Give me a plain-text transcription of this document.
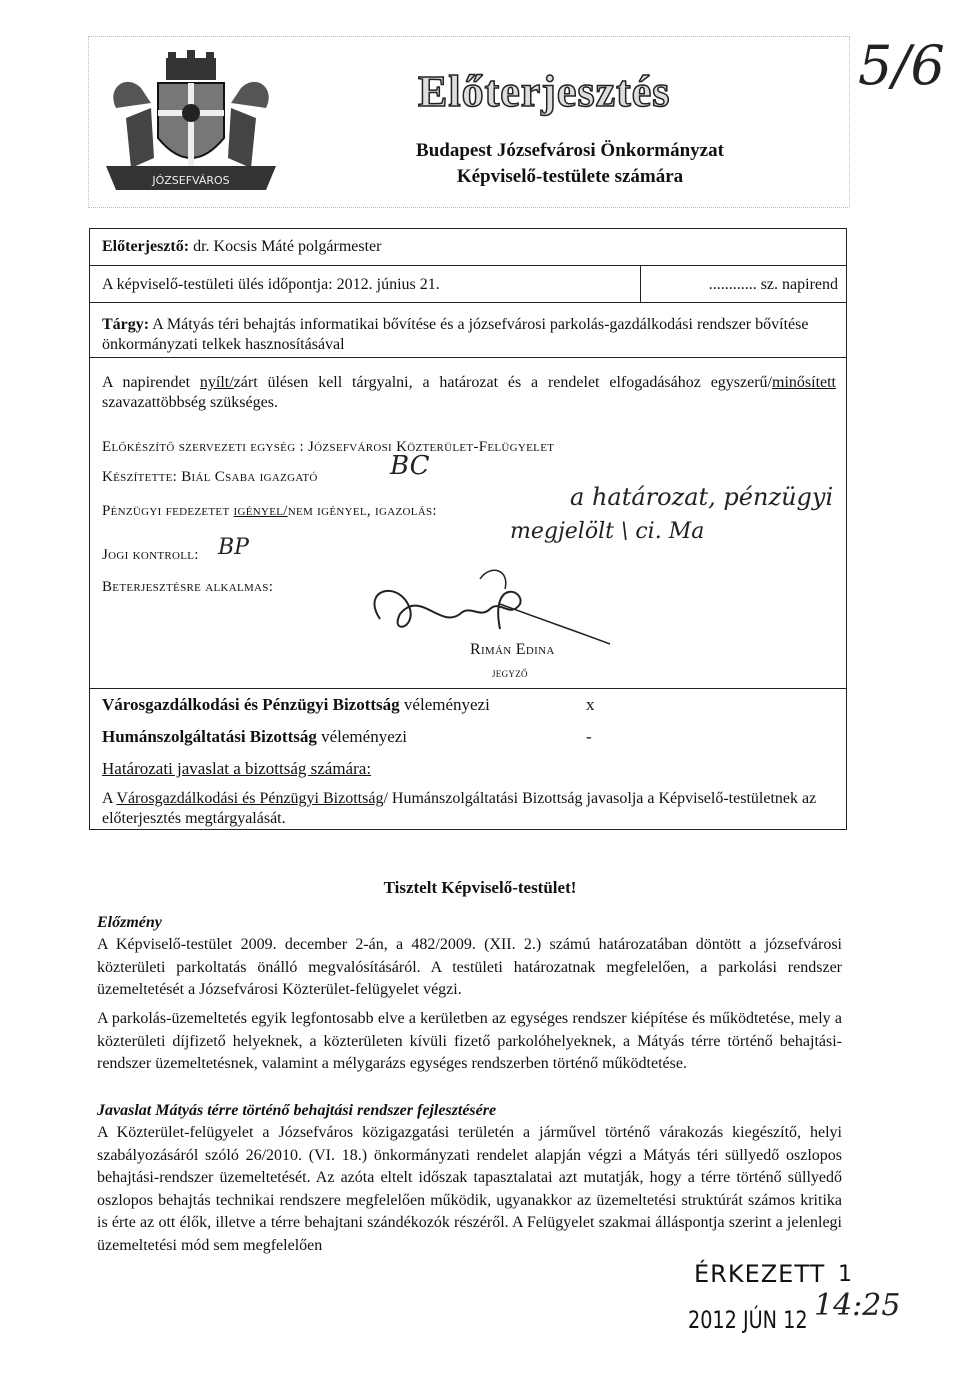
JÓZSEFVÁROS
Előterjesztés
Budapest Józsefvárosi Önkormányzat
Képviselő-testülete számára
5/6
Előterjesztő: dr. Kocsis Máté polgármester
A képviselő-testületi ülés időpontja: 2012. június 21.	............ sz. napirend
Tárgy: A Mátyás téri behajtás informatikai bővítése és a józsefvárosi parkolás-gazdálkodási rendszer bővítése önkormányzati telkek hasznosításával
A napirendet nyílt/zárt ülésen kell tárgyalni, a határozat és a rendelet elfogadásához egyszerű/minősített szavazattöbbség szükséges.
Előkészítő szervezeti egység : Józsefvárosi Közterület-Felügyelet
Készítette: Biál Csaba igazgató	BC
Pénzügyi fedezetet igényel/nem igényel, igazolás:	a határozat, pénzügyi
megjelölt \ ci. Ma
Jogi kontroll: BP
Beterjesztésre alkalmas:
Rimán Edina
jegyző
Városgazdálkodási és Pénzügyi Bizottság véleményezi	x
Humánszolgáltatási Bizottság véleményezi	-
Határozati javaslat a bizottság számára:
A Városgazdálkodási és Pénzügyi Bizottság/ Humánszolgáltatási Bizottság javasolja a Képviselő-testületnek az előterjesztés megtárgyalását.
Tisztelt Képviselő-testület!
Előzmény
A Képviselő-testület 2009. december 2-án, a 482/2009. (XII. 2.) számú határozatában döntött a józsefvárosi közterületi parkoltatás önálló megvalósításáról. A testületi határozatnak megfelelően, a parkolási rendszer üzemeltetését a Józsefvárosi Közterület-felügyelet végzi.
A parkolás-üzemeltetés egyik legfontosabb elve a kerületben az egységes rendszer kiépítése és működtetése, mely a közterületi díjfizető helyeknek, a közterületen kívüli fizető parkolóhelyeknek, a Mátyás térre történő behajtási-rendszer üzemeltetésnek, valamint a mélygarázs egységes rendszerben történő működtetése.
Javaslat Mátyás térre történő behajtási rendszer fejlesztésére
A Közterület-felügyelet a Józsefváros közigazgatási területén a járművel történő várakozás kiegészítő, helyi szabályozásáról szóló 26/2010. (VI. 18.) önkormányzati rendelet alapján végzi a Mátyás téri süllyedő oszlopos behajtási-rendszer üzemeltetését. Az azóta eltelt időszak tapasztalatai azt mutatják, hogy a térre történő süllyedő oszlopos behajtás technikai rendszere megfelelően működik, ugyanakkor az üzemeltetési struktúrát számos kritika is érte az ott élők, illetve a térre behajtani szándékozók részéről. A Felügyelet szakmai álláspontja szerint a jelenlegi üzemeltetési mód sem megfelelően
ÉRKEZETT 1
2012 JÚN 12 14:25
